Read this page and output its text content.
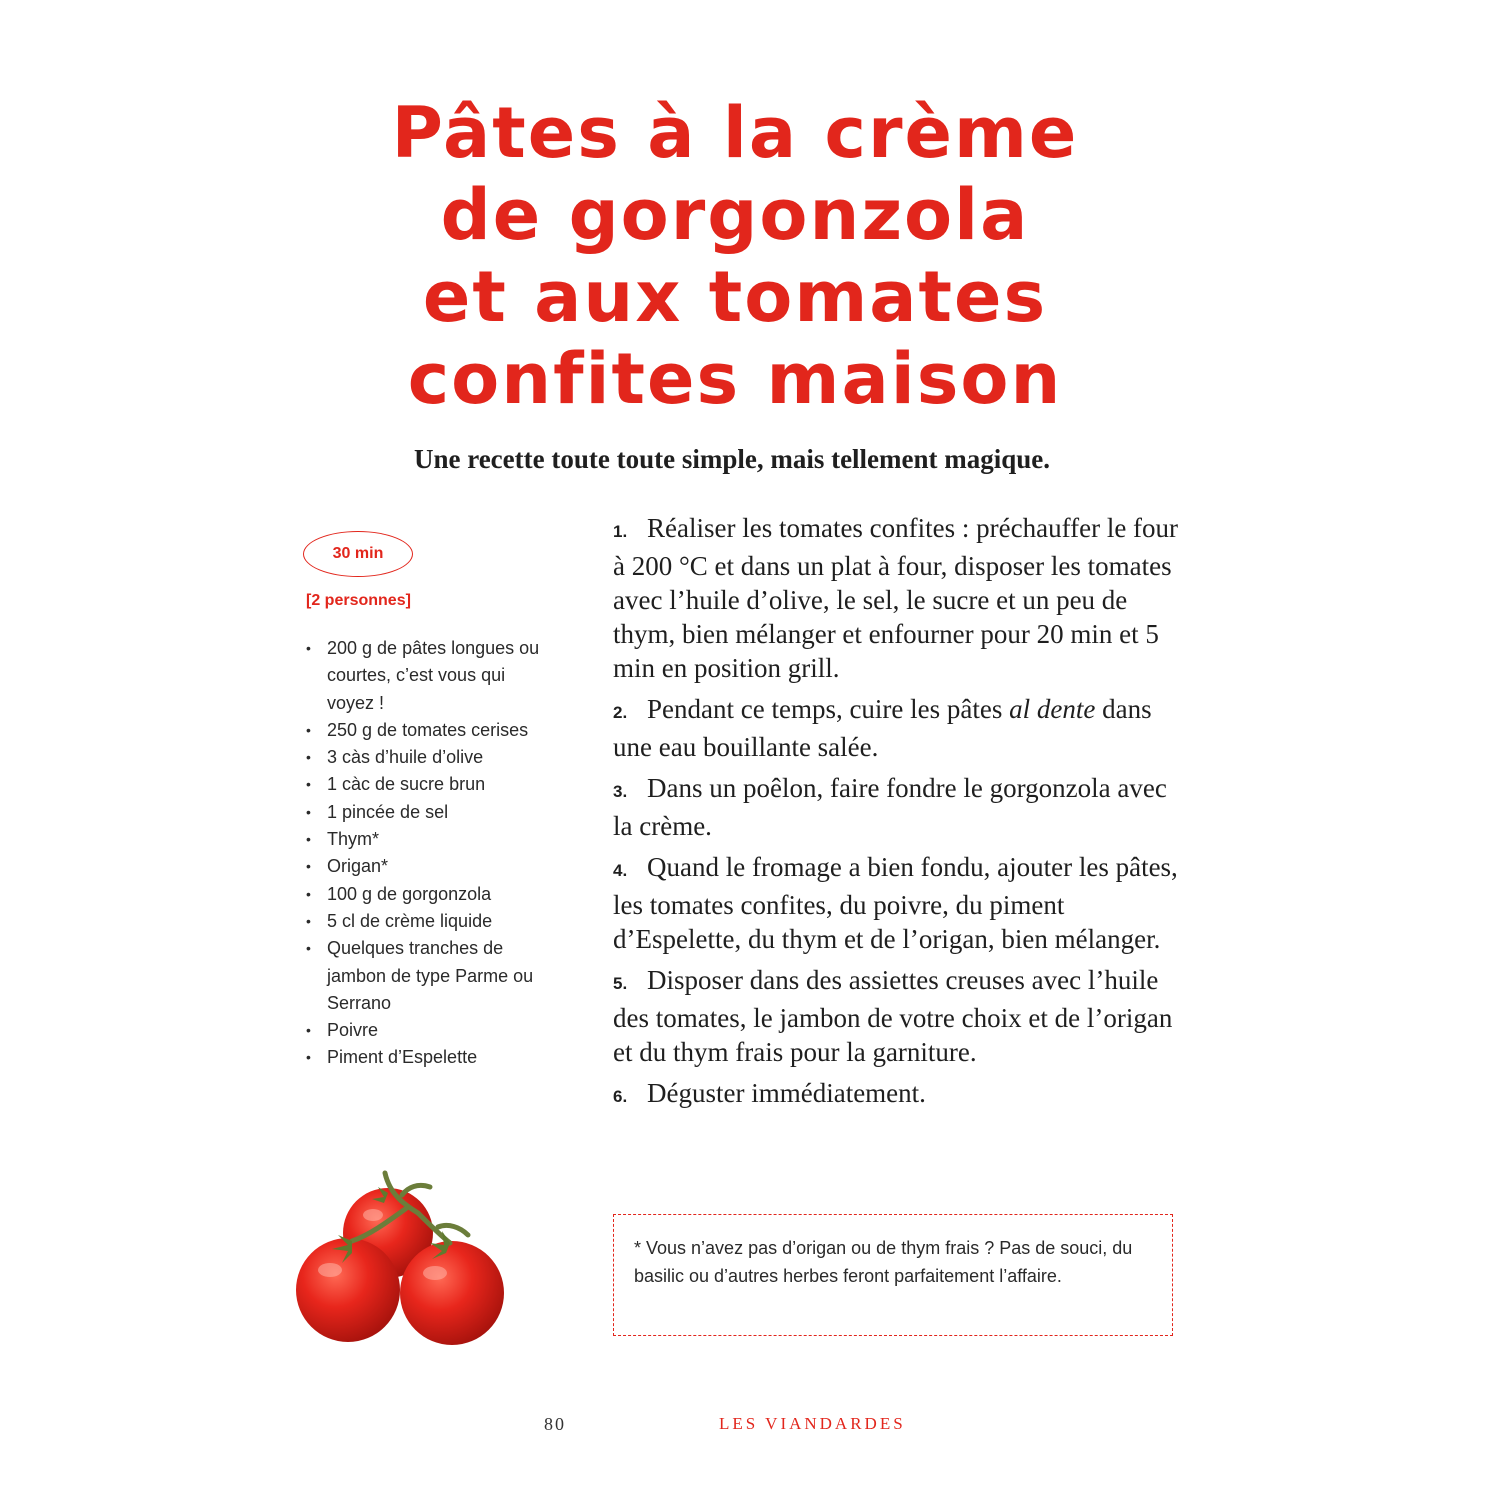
Pâtes à la crème
de gorgonzola
et aux tomates
confites maison
Une recette toute toute simple, mais tellement magique.
30 min
[2 personnes]
• 200 g de pâtes longues ou courtes, c’est vous qui voyez !
• 250 g de tomates cerises
• 3 càs d’huile d’olive
• 1 càc de sucre brun
• 1 pincée de sel
• Thym*
• Origan*
• 100 g de gorgonzola
• 5 cl de crème liquide
• Quelques tranches de jambon de type Parme ou Serrano
• Poivre
• Piment d’Espelette
1. Réaliser les tomates confites : préchauffer le four à 200 °C et dans un plat à four, disposer les tomates avec l’huile d’olive, le sel, le sucre et un peu de thym, bien mélanger et enfourner pour 20 min et 5 min en position grill.
2. Pendant ce temps, cuire les pâtes al dente dans une eau bouillante salée.
3. Dans un poêlon, faire fondre le gorgonzola avec la crème.
4. Quand le fromage a bien fondu, ajouter les pâtes, les tomates confites, du poivre, du piment d’Espelette, du thym et de l’origan, bien mélanger.
5. Disposer dans des assiettes creuses avec l’huile des tomates, le jambon de votre choix et de l’origan et du thym frais pour la garniture.
6. Déguster immédiatement.
* Vous n’avez pas d’origan ou de thym frais ? Pas de souci, du basilic ou d’autres herbes feront parfaitement l’affaire.
80	LES VIANDARDES
